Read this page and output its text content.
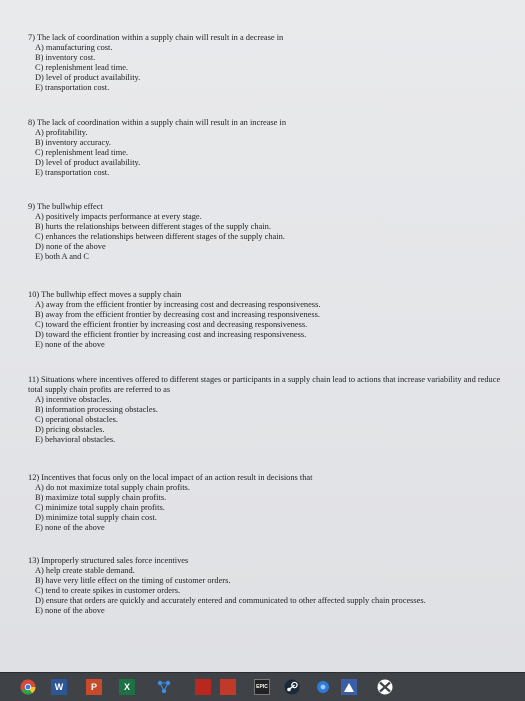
7) The lack of coordination within a supply chain will result in a decrease in

A) manufacturing cost.
B) inventory cost.
C) replenishment lead time.
D) level of product availability.
E) transportation cost.

8) The lack of coordination within a supply chain will result in an increase in

A) profitability.
B) inventory accuracy.
C) replenishment lead time.
D) level of product availability.
E) transportation cost.

9) The bullwhip effect

A) positively impacts performance at every stage.
B) hurts the relationships between different stages of the supply chain.
C) enhances the relationships between different stages of the supply chain.
D) none of the above
E) both A and C

10) The bullwhip effect moves a supply chain

A) away from the efficient frontier by increasing cost and decreasing responsiveness.
B) away from the efficient frontier by decreasing cost and increasing responsiveness.
C) toward the efficient frontier by increasing cost and decreasing responsiveness.
D) toward the efficient frontier by increasing cost and increasing responsiveness.
E) none of the above

11) Situations where incentives offered to different stages or participants in a supply chain lead to actions that increase variability and reduce total supply chain profits are referred to as

A) incentive obstacles.
B) information processing obstacles.
C) operational obstacles.
D) pricing obstacles.
E) behavioral obstacles.

12) Incentives that focus only on the local impact of an action result in decisions that

A) do not maximize total supply chain profits.
B) maximize total supply chain profits.
C) minimize total supply chain profits.
D) minimize total supply chain cost.
E) none of the above

13) Improperly structured sales force incentives

A) help create stable demand.
B) have very little effect on the timing of customer orders.
C) tend to create spikes in customer orders.
D) ensure that orders are quickly and accurately entered and communicated to other affected supply chain processes.
E) none of the above
W	P	X	EPIC
